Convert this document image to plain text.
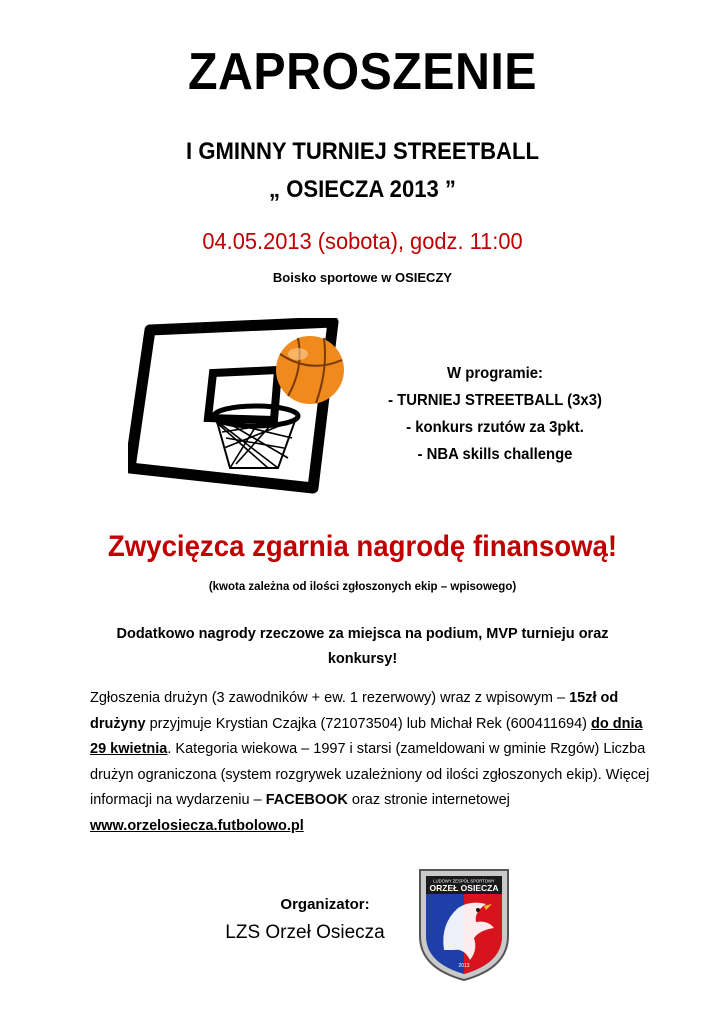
ZAPROSZENIE
I GMINNY TURNIEJ STREETBALL
„ OSIECZA 2013 ”
04.05.2013 (sobota), godz. 11:00
Boisko sportowe w OSIECZY
W programie:
- TURNIEJ STREETBALL (3x3)
- konkurs rzutów za 3pkt.
- NBA skills challenge
Zwycięzca zgarnia nagrodę finansową!
(kwota zależna od ilości zgłoszonych ekip – wpisowego)
Dodatkowo nagrody rzeczowe za miejsca na podium, MVP turnieju oraz konkursy!
Zgłoszenia drużyn (3 zawodników + ew. 1 rezerwowy) wraz z wpisowym – 15zł od drużyny przyjmuje Krystian Czajka (721073504) lub Michał Rek (600411694) do dnia 29 kwietnia. Kategoria wiekowa – 1997 i starsi (zameldowani w gminie Rzgów) Liczba drużyn ograniczona (system rozgrywek uzależniony od ilości zgłoszonych ekip). Więcej informacji na wydarzeniu – FACEBOOK oraz stronie internetowej www.orzelosiecza.futbolowo.pl
Organizator:
LZS Orzeł Osiecza
LUDOWY ZESPÓŁ SPORTOWY
ORZEŁ OSIECZA
2013
